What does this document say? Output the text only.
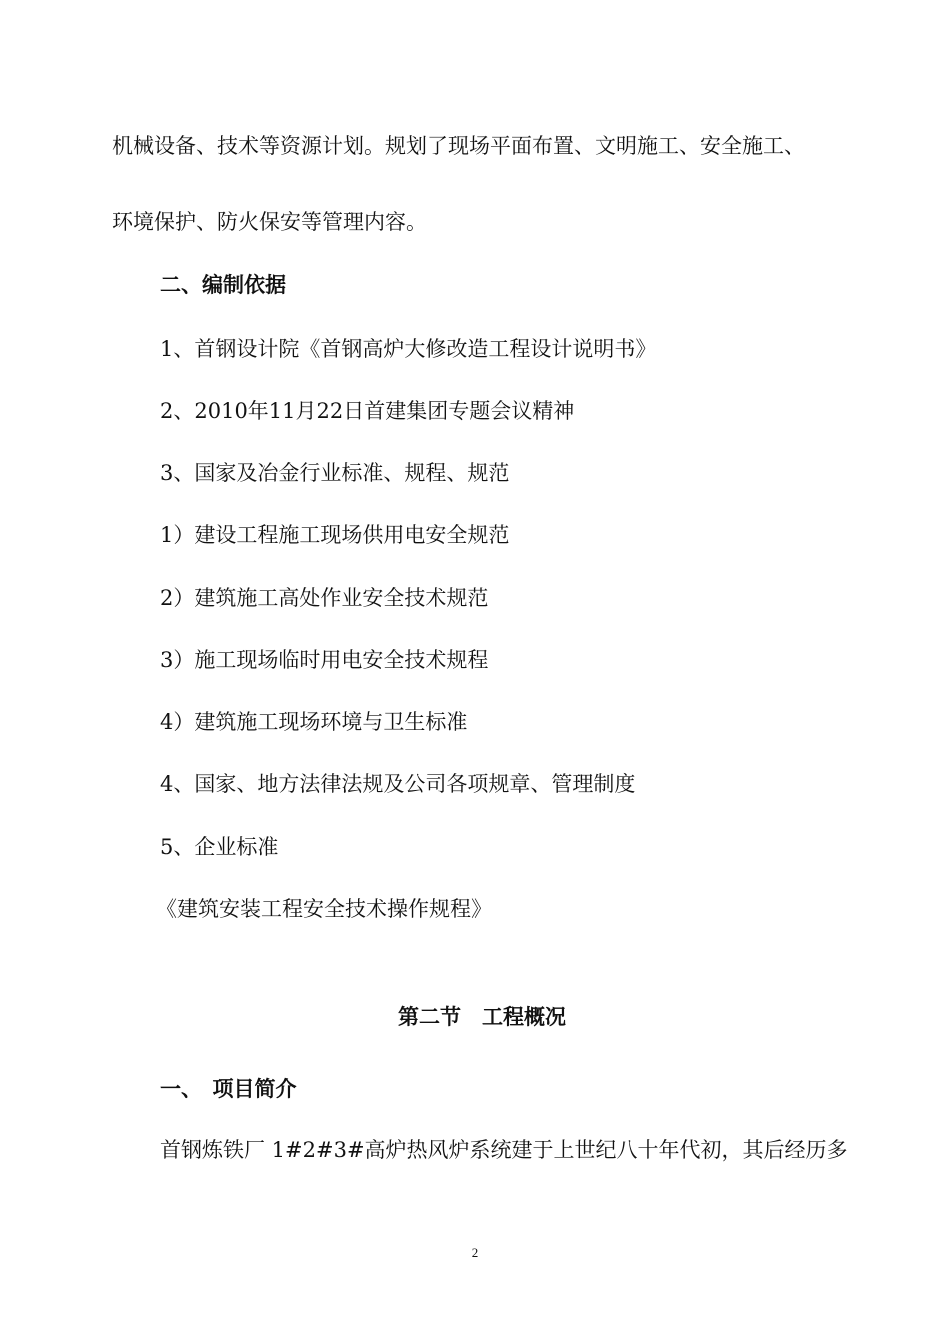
机械设备、技术等资源计划。规划了现场平面布置、文明施工、安全施工、
环境保护、防火保安等管理内容。
二、编制依据
1、首钢设计院《首钢高炉大修改造工程设计说明书》
2、2010年11月22日首建集团专题会议精神
3、国家及冶金行业标准、规程、规范
1）建设工程施工现场供用电安全规范
2）建筑施工高处作业安全技术规范
3）施工现场临时用电安全技术规程
4）建筑施工现场环境与卫生标准
4、国家、地方法律法规及公司各项规章、管理制度
5、企业标准
《建筑安装工程安全技术操作规程》
第二节　工程概况
一、　项目简介
首钢炼铁厂 1#2#3#高炉热风炉系统建于上世纪八十年代初，其后经历多
2
